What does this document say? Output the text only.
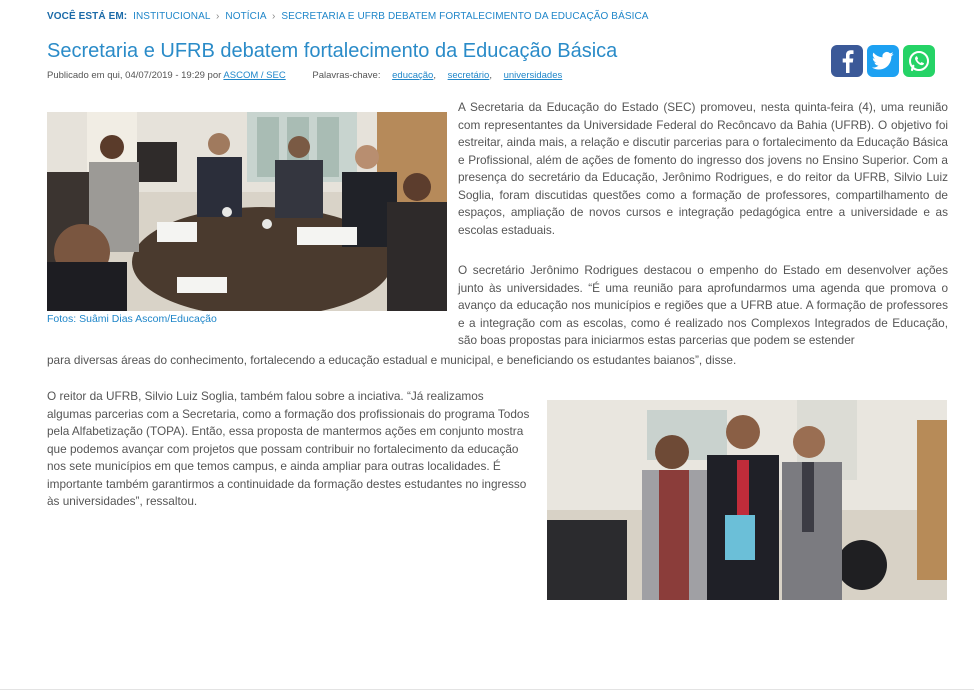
VOCÊ ESTÁ EM: INSTITUCIONAL › NOTÍCIA › SECRETARIA E UFRB DEBATEM FORTALECIMENTO DA EDUCAÇÃO BÁSICA
Secretaria e UFRB debatem fortalecimento da Educação Básica
Publicado em qui, 04/07/2019 - 19:29 por ASCOM / SEC	Palavras-chave: educação, secretário, universidades
Fotos: Suâmi Dias Ascom/Educação

A Secretaria da Educação do Estado (SEC) promoveu, nesta quinta-feira (4), uma reunião com representantes da Universidade Federal do Recôncavo da Bahia (UFRB). O objetivo foi estreitar, ainda mais, a relação e discutir parcerias para o fortalecimento da Educação Básica e Profissional, além de ações de fomento do ingresso dos jovens no Ensino Superior. Com a presença do secretário da Educação, Jerônimo Rodrigues, e do reitor da UFRB, Silvio Luiz Soglia, foram discutidas questões como a formação de professores, compartilhamento de espaços, ampliação de novos cursos e integração pedagógica entre a universidade e as escolas estaduais.

O secretário Jerônimo Rodrigues destacou o empenho do Estado em desenvolver ações junto às universidades. “É uma reunião para aprofundarmos uma agenda que promova o avanço da educação nos municípios e regiões que a UFRB atue. A formação de professores e a integração com as escolas, como é realizado nos Complexos Integrados de Educação, são boas propostas para iniciarmos estas parcerias que podem se estender

para diversas áreas do conhecimento, fortalecendo a educação estadual e municipal, e beneficiando os estudantes baianos”, disse.

O reitor da UFRB, Silvio Luiz Soglia, também falou sobre a inciativa. “Já realizamos algumas parcerias com a Secretaria, como a formação dos profissionais do programa Todos pela Alfabetização (TOPA). Então, essa proposta de mantermos ações em conjunto mostra que podemos avançar com projetos que possam contribuir no fortalecimento da educação nos sete municípios em que temos campus, e ainda ampliar para outras localidades. É importante também garantirmos a continuidade da formação destes estudantes no ingresso às universidades”, ressaltou.
